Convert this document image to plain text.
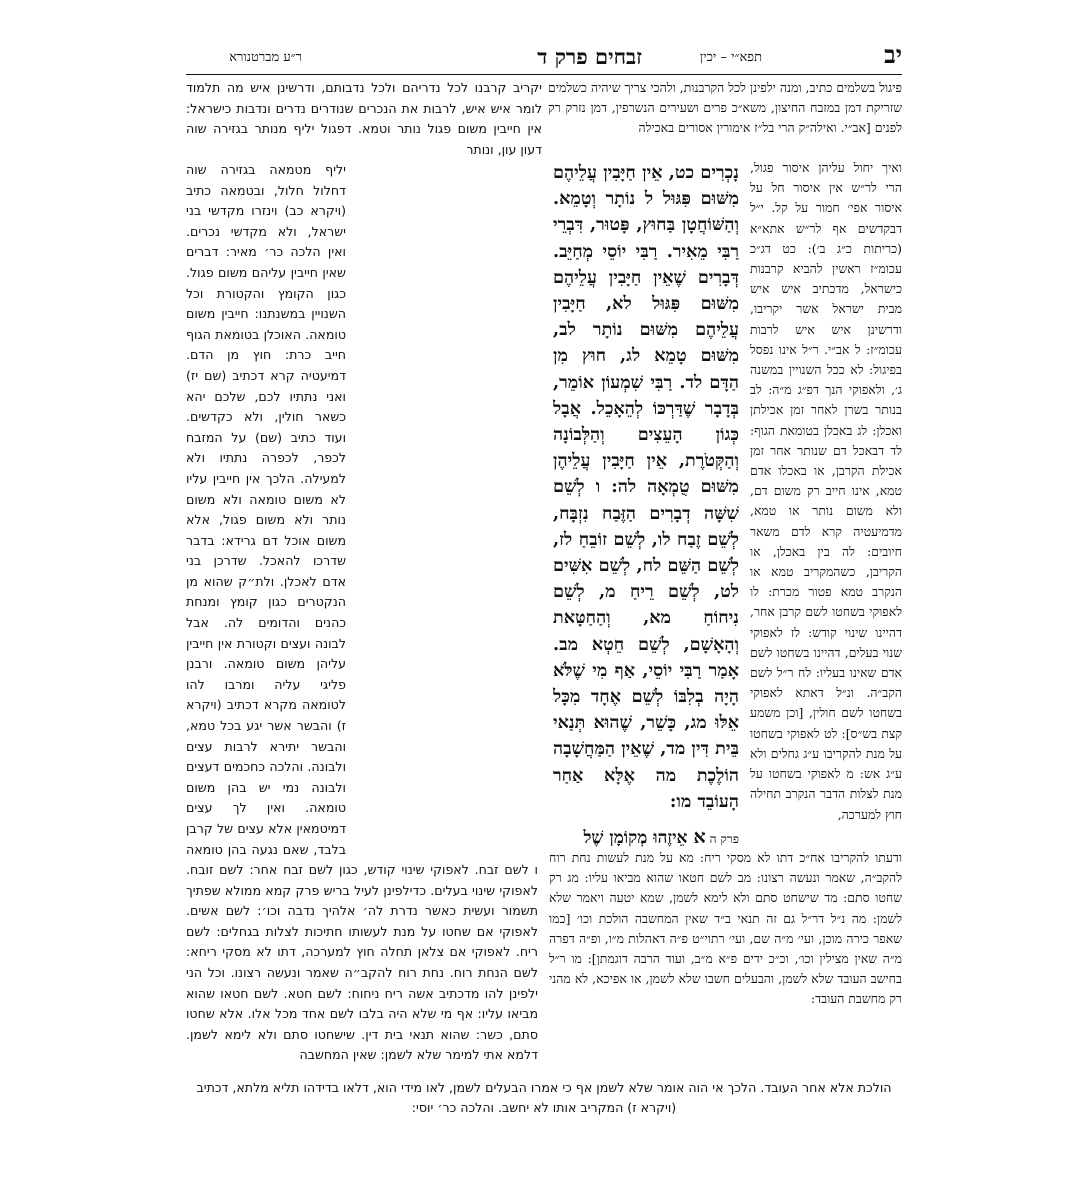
יב
תפא״י – יכין
זבחים פרק ד
ר״ע מברטנורא

פיגול בשלמים כתיב, ומנה ילפינן לכל הקרבנות, ולהכי צריך שיהיה כשלמים שזריקת דמן במזבח החיצון, משא״כ פרים ושעירים הנשרפין, דמן נזרק רק לפנים [אב״י. ואילה״ק הרי בל״ז אימורין אסורים באכילה

ואיך יחול עליהן איסור פגול, הרי לר״ש אין איסור חל על איסור אפי׳ חמור על קל. י״ל דבקדשים אף לר״ש אתא״א (כריתות כ״ג ב׳): כט דג״כ עכומ״ז ראשין להביא קרבנות כישראל, מדכתיב איש איש מבית ישראל אשר יקריבו, ודרשינן איש איש לרבות עכומ״ז: ל אב״י. ר״ל אינו נפסל בפיגול: לא ככל השנויין במשנה ג׳, ולאפוקי הנך דפ״ג מ״ה: לב בנותר בשרן לאחר זמן אכילתן ואכלן: לג באכלן בטומאת הגוף: לד דבאכל דם שנותר אחר זמן אכילת הקרבן, או באכלו אדם טמא, אינו חייב רק משום דם, ולא משום נותר או טמא, מדמיעטיה קרא לדם משאר חיובים: לה בין באכלן, או הקריבן, כשהמקריב טמא או הנקרב טמא פטור מכרת: לו לאפוקי בשחטו לשם קרבן אחר, דהיינו שינוי קודש: לז לאפוקי שנוי בעלים, דהיינו בשחטו לשם אדם שאינו בעליו: לח ר״ל לשם הקב״ה. ונ״ל דאתא לאפוקי בשחטו לשם חולין, [וכן משמע קצת בש״ס]: לט לאפוקי בשחטו על מנת להקריבו ע״ג גחלים ולא ע״ג אש: מ לאפוקי בשחטו על מנת לצלות הדבר הנקרב תחילה חוץ למערכה,

ודעתו להקריבו אח״כ דתו לא מסקי ריח: מא על מנת לעשות נחת רוח להקב״ה, שאמר ונעשה רצונו: מב לשם חטאו שהוא מביאו עליו: מג רק שחטו סתם: מד שישחט סתם ולא לימא לשמן, שמא יטעה ויאמר שלא לשמן: מה נ״ל דר״ל גם זה תנאי ב״ד שאין המחשבה הולכת וכו׳ [כמו שאפר כירה מוכן, ועי׳ מ״ה שם, ועי׳ רתוי״ט פ״ה דאהלות מ״ו, ופ״ה דפרה מ״ה שאין מצילין וכו׳, וכ״כ ידים פ״א מ״ב, ועוד הרבה דוגמתן]: מו ר״ל בחישב העובד שלא לשמן, והבעלים חשבו שלא לשמן, או אפיכא, לא מהני רק מחשבת העובד:

נָכְרִים כט, אֵין חַיָּבִין עֲלֵיהֶם מִשּׁוּם פִּגּוּל ל נוֹתָר וְטָמֵא. וְהַשּׁוֹחֲטָן בַּחוּץ, פָּטוּר, דִּבְרֵי רַבִּי מֵאִיר. רַבִּי יוֹסֵי מְחַיֵּב. דְּבָרִים שֶׁאֵין חַיָּבִין עֲלֵיהֶם מִשּׁוּם פִּגּוּל לא, חַיָּבִין עֲלֵיהֶם מִשּׁוּם נוֹתָר לב, מִשּׁוּם טָמֵא לג, חוּץ מִן הַדָּם לד. רַבִּי שִׁמְעוֹן אוֹמֵר, בְּדָבָר שֶׁדַּרְכּוֹ לְהֵאָכֵל. אֲבָל כְּגוֹן הָעֵצִים וְהַלְּבוֹנָה וְהַקְּטֹרֶת, אֵין חַיָּבִין עֲלֵיהֶן מִשּׁוּם טֻמְאָה לה: ו לְשֵׁם שִׁשָּׁה דְבָרִים הַזֶּבַח נִזְבָּח, לְשֵׁם זֶבַח לו, לְשֵׁם זוֹבֵחַ לז, לְשֵׁם הַשֵּׁם לח, לְשֵׁם אִשִּׁים לט, לְשֵׁם רֵיחַ מ, לְשֵׁם נִיחוֹחַ מא, וְהַחַטָּאת וְהָאָשָׁם, לְשֵׁם חֵטְא מב. אָמַר רַבִּי יוֹסֵי, אַף מִי שֶׁלֹּא הָיָה בְלִבּוֹ לְשֵׁם אֶחָד מִכָּל אֵלּוּ מג, כָּשֵׁר, שֶׁהוּא תְּנַאי בֵּית דִּין מד, שֶׁאֵין הַמַּחֲשָׁבָה הוֹלֶכֶת מה אֶלָּא אַחַר הָעוֹבֵד מו:

פרק האאֵיזֶהוּ מְקוֹמָן שֶׁל

יקריב קרבנו לכל נדריהם ולכל נדבותם, ודרשינן איש מה תלמוד לומר איש איש, לרבות את הנכרים שנודרים נדרים ונדבות כישראל: אין חייבין משום פגול נותר וטמא. דפגול יליף מנותר בגזירה שוה דעון עון, ונותר

יליף מטמאה בגזירה שוה דחלול חלול, ובטמאה כתיב (ויקרא כב) וינזרו מקדשי בני ישראל, ולא מקדשי נכרים. ואין הלכה כר׳ מאיר: דברים שאין חייבין עליהם משום פגול. כגון הקומץ והקטורת וכל השנויין במשנתנו: חייבין משום טומאה. האוכלן בטומאת הגוף חייב כרת: חוץ מן הדם. דמיעטיה קרא דכתיב (שם יז) ואני נתתיו לכם, שלכם יהא כשאר חולין, ולא כקדשים. ועוד כתיב (שם) על המזבח לכפר, לכפרה נתתיו ולא למעילה. הלכך אין חייבין עליו לא משום טומאה ולא משום נותר ולא משום פגול, אלא משום אוכל דם גרידא: בדבר שדרכו להאכל. שדרכן בני אדם לאכלן. ולת״ק שהוא מן הנקטרים כגון קומץ ומנחת כהנים והדומים לה. אבל לבונה ועצים וקטורת אין חייבין עליהן משום טומאה. ורבנן פליגי עליה ומרבו להו לטומאה מקרא דכתיב (ויקרא ז) והבשר אשר יגע בכל טמא, והבשר יתירא לרבות עצים ולבונה. והלכה כחכמים דעצים ולבונה נמי יש בהן משום טומאה. ואין לך עצים דמיטמאין אלא עצים של קרבן בלבד, שאם נגעה בהן טומאה

ו לשם זבח. לאפוקי שינוי קודש, כגון לשם זבח אחר: לשם זובח. לאפוקי שינוי בעלים. כדילפינן לעיל בריש פרק קמא ממולא שפתיך תשמור ועשית כאשר נדרת לה׳ אלהיך נדבה וכו׳: לשם אשים. לאפוקי אם שחטו על מנת לעשותו חתיכות לצלות בגחלים: לשם ריח. לאפוקי אם צלאן תחלה חוץ למערכה, דתו לא מסקי ריחא: לשם הנחת רוח. נחת רוח להקב״ה שאמר ונעשה רצונו. וכל הני ילפינן להו מדכתיב אשה ריח ניחוח: לשם חטא. לשם חטאו שהוא מביאו עליו: אף מי שלא היה בלבו לשם אחד מכל אלו. אלא שחטו סתם, כשר: שהוא תנאי בית דין. שישחטו סתם ולא לימא לשמן. דלמא אתי למימר שלא לשמן: שאין המחשבה

הולכת אלא אחר העובד. הלכך אי הוה אומר שלא לשמן אף כי אמרו הבעלים לשמן, לאו מידי הוא, דלאו בדידהו תליא מלתא, דכתיב (ויקרא ז) המקריב אותו לא יחשב. והלכה כר׳ יוסי:
